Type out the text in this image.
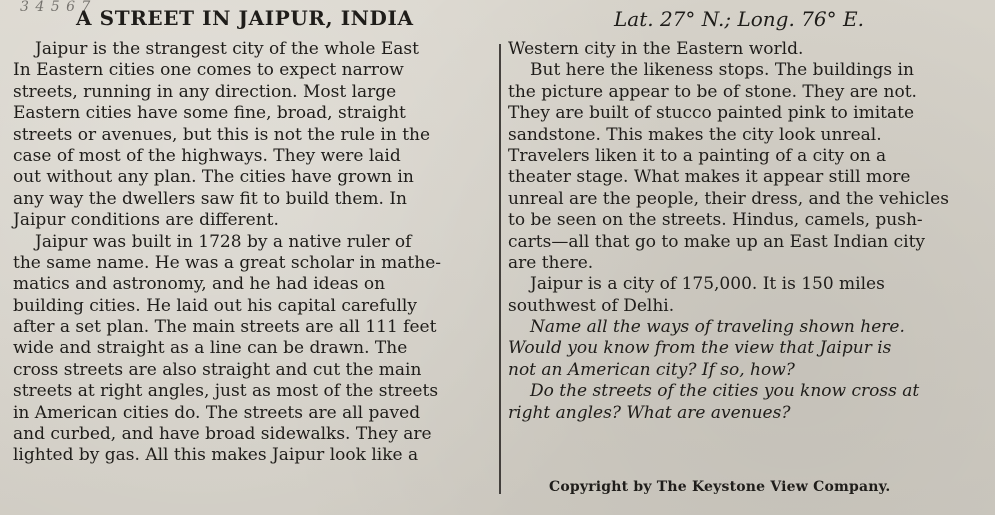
3 4 5 6 7
A STREET IN JAIPUR, INDIA	Lat. 27° N.; Long. 76° E.
Jaipur is the strangest city of the whole East
In Eastern cities one comes to expect narrow
streets, running in any direction. Most large
Eastern cities have some fine, broad, straight
streets or avenues, but this is not the rule in the
case of most of the highways. They were laid
out without any plan. The cities have grown in
any way the dwellers saw fit to build them. In
Jaipur conditions are different.
Jaipur was built in 1728 by a native ruler of
the same name. He was a great scholar in mathe-
matics and astronomy, and he had ideas on
building cities. He laid out his capital carefully
after a set plan. The main streets are all 111 feet
wide and straight as a line can be drawn. The
cross streets are also straight and cut the main
streets at right angles, just as most of the streets
in American cities do. The streets are all paved
and curbed, and have broad sidewalks. They are
lighted by gas. All this makes Jaipur look like a
Western city in the Eastern world.
But here the likeness stops. The buildings in
the picture appear to be of stone. They are not.
They are built of stucco painted pink to imitate
sandstone. This makes the city look unreal.
Travelers liken it to a painting of a city on a
theater stage. What makes it appear still more
unreal are the people, their dress, and the vehicles
to be seen on the streets. Hindus, camels, push-
carts—all that go to make up an East Indian city
are there.
Jaipur is a city of 175,000. It is 150 miles
southwest of Delhi.
Name all the ways of traveling shown here.
Would you know from the view that Jaipur is
not an American city? If so, how?
Do the streets of the cities you know cross at
right angles? What are avenues?
Copyright by The Keystone View Company.
